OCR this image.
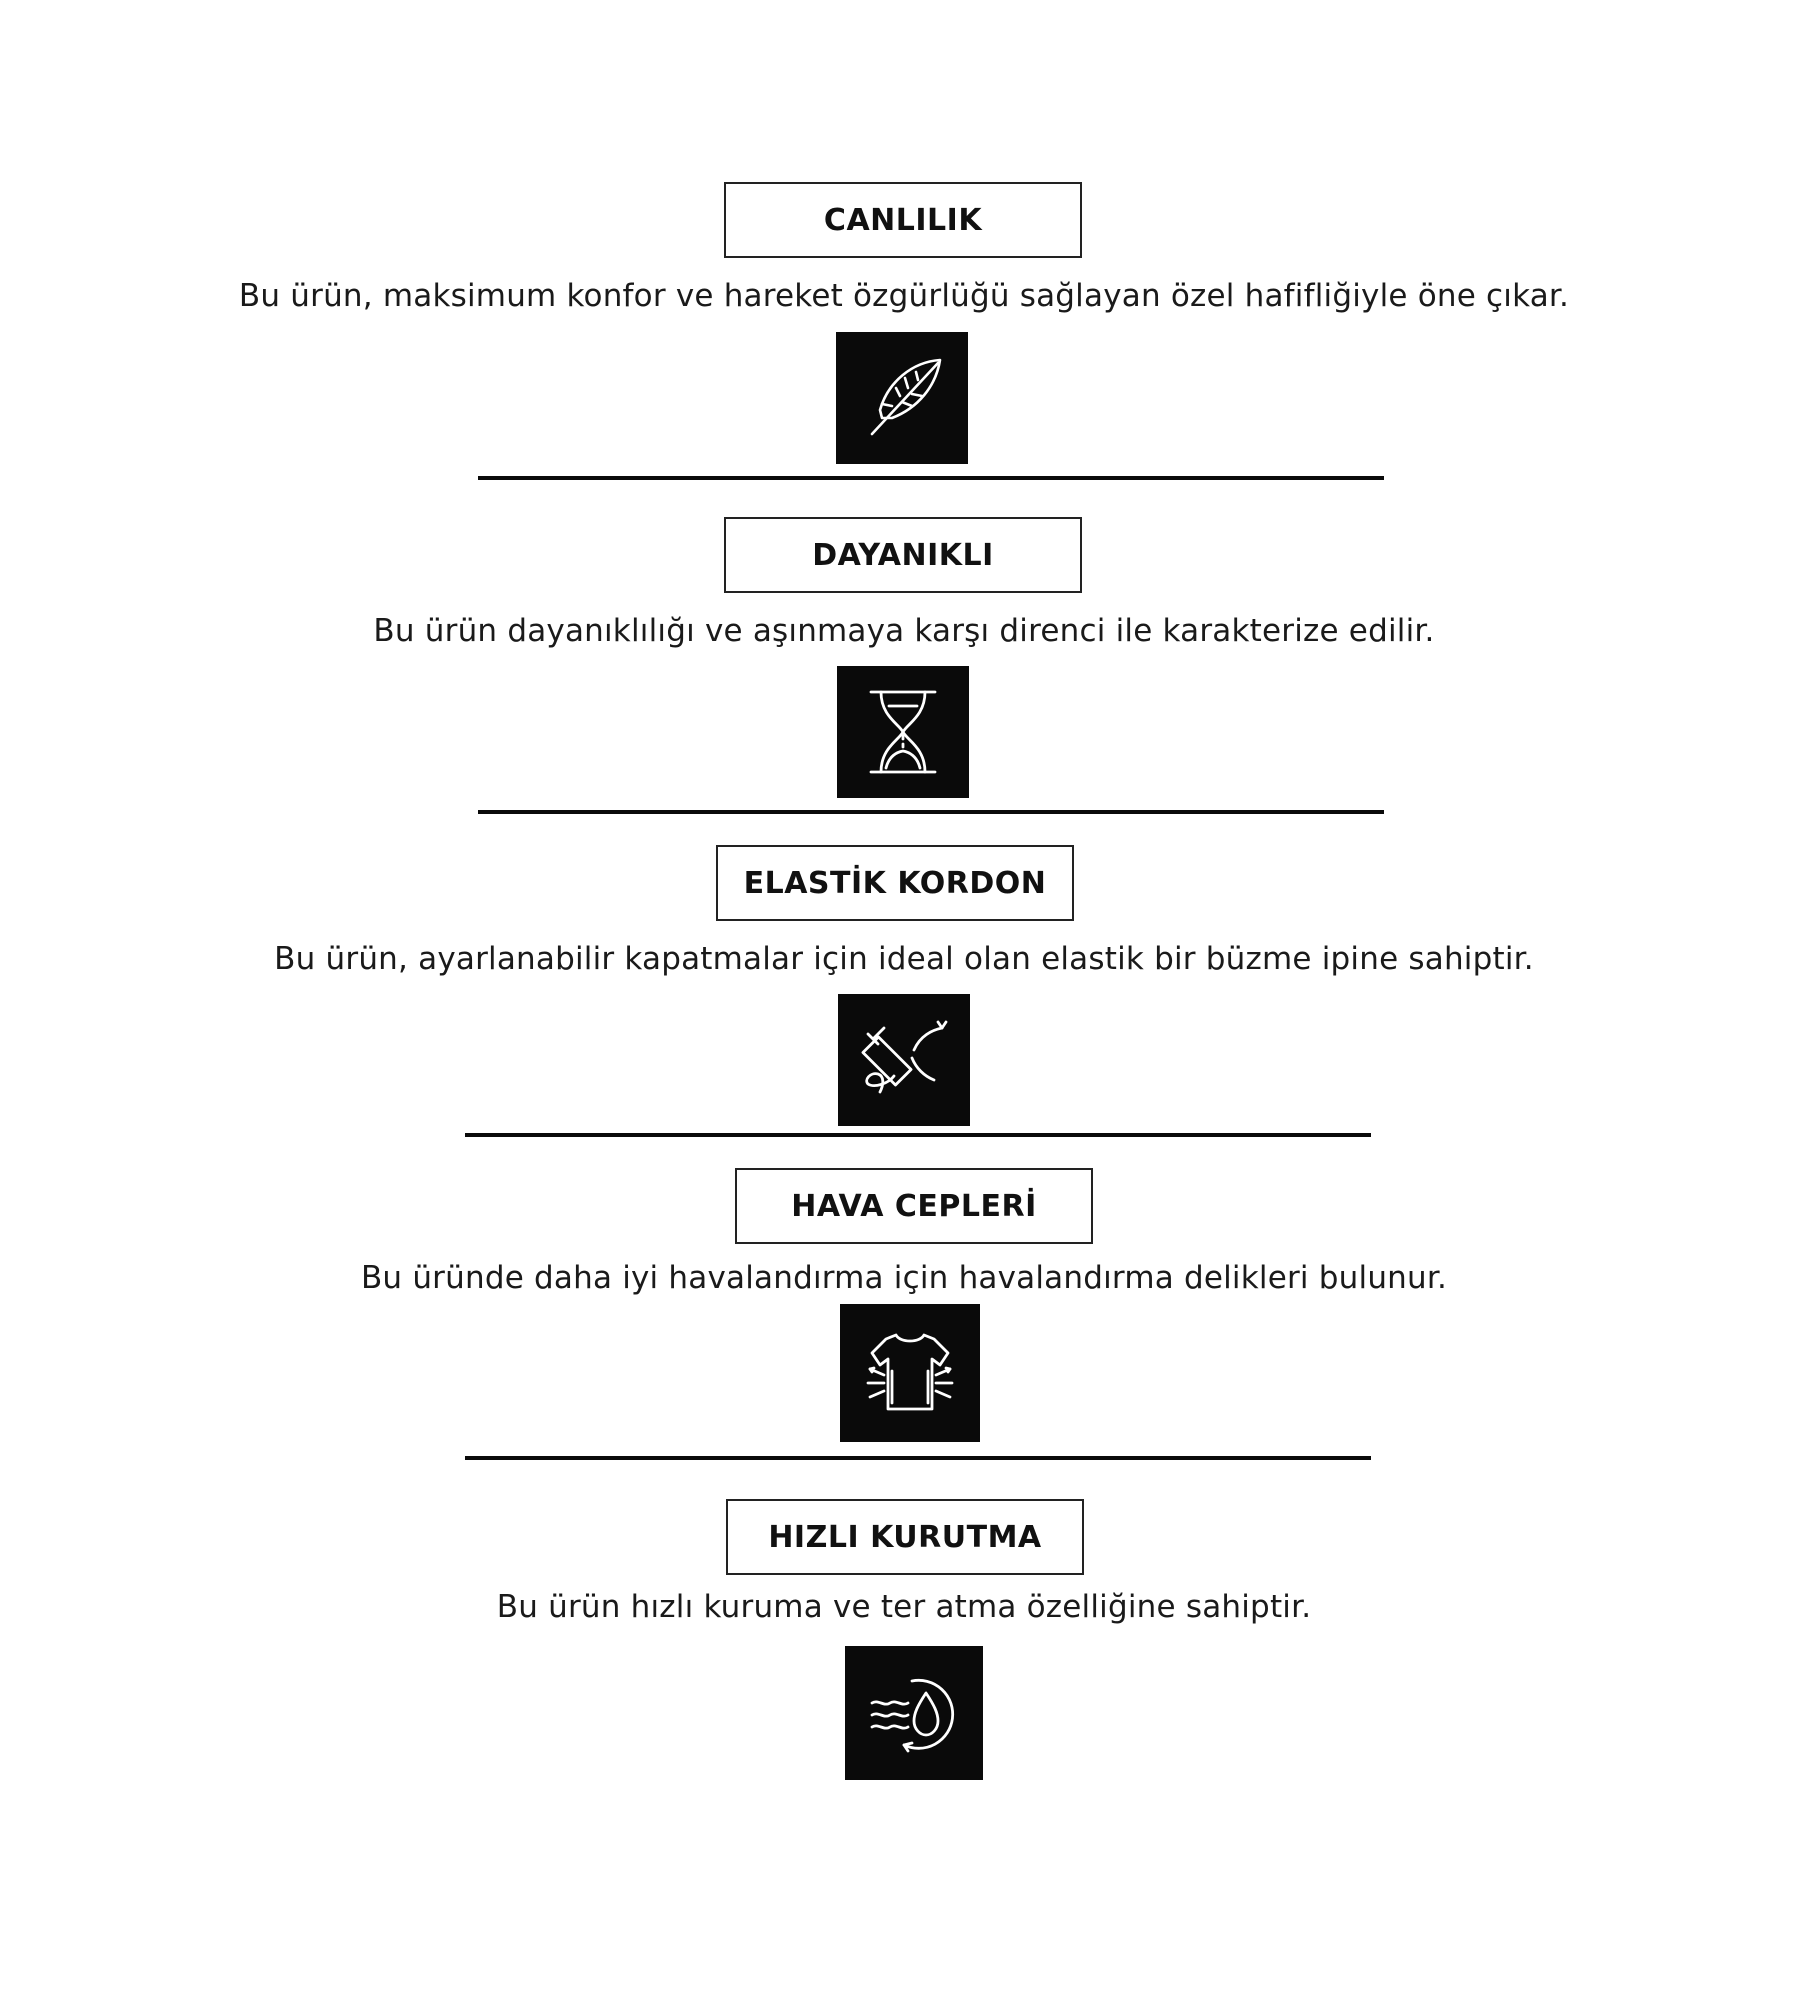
CANLILIK
Bu ürün, maksimum konfor ve hareket özgürlüğü sağlayan özel hafifliğiyle öne çıkar.
DAYANIKLI
Bu ürün dayanıklılığı ve aşınmaya karşı direnci ile karakterize edilir.
ELASTİK KORDON
Bu ürün, ayarlanabilir kapatmalar için ideal olan elastik bir büzme ipine sahiptir.
HAVA CEPLERİ
Bu üründe daha iyi havalandırma için havalandırma delikleri bulunur.
HIZLI KURUTMA
Bu ürün hızlı kuruma ve ter atma özelliğine sahiptir.
